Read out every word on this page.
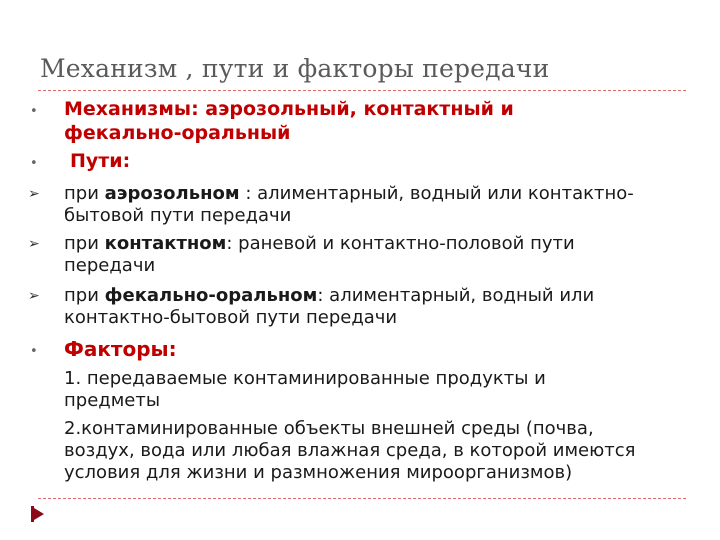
Механизм , пути и факторы передачи
• Механизмы: аэрозольный, контактный и
фекально-оральный
• Пути:
➢ при аэрозольном : алиментарный, водный или контактно-
бытовой пути передачи
➢ при контактном: раневой и контактно-половой пути
передачи
➢ при фекально-оральном: алиментарный, водный или
контактно-бытовой пути передачи
• Факторы:
1. передаваемые контаминированные продукты и
предметы
2.контаминированные объекты внешней среды (почва,
воздух, вода или любая влажная среда, в которой имеются
условия для жизни и размножения мироорганизмов)
